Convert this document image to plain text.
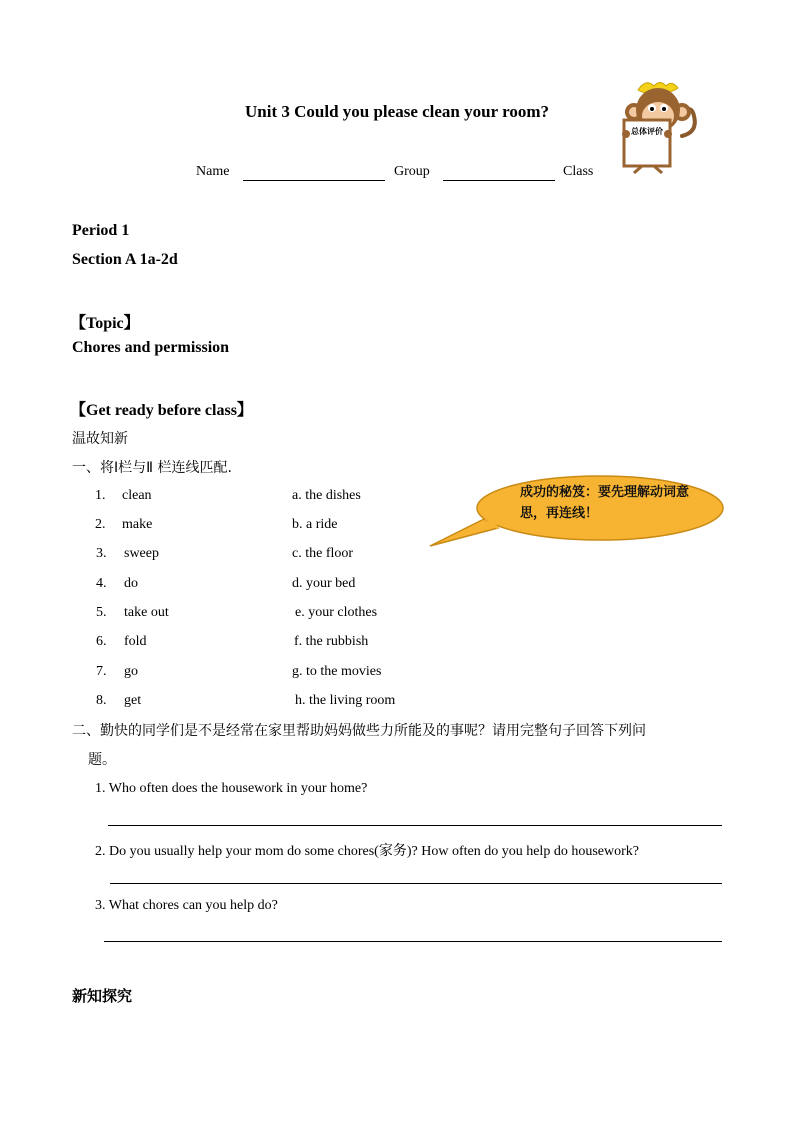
Unit 3 Could you please clean your room?
Name	Group	Class
总体评价
Period 1
Section A 1a-2d
【Topic】
Chores and permission
【Get ready before class】
温故知新
一、将Ⅰ栏与Ⅱ 栏连线匹配.
成功的秘笈：要先理解动词意思，再连线！
1. clean	a. the dishes
2. make	b. a ride
3. sweep	c. the floor
4. do	d. your bed
5. take out	e. your clothes
6. fold	f. the rubbish
7. go	g. to the movies
8. get	h. the living room
二、勤快的同学们是不是经常在家里帮助妈妈做些力所能及的事呢？请用完整句子回答下列问
题。
1. Who often does the housework in your home?
2. Do you usually help your mom do some chores(家务)? How often do you help do housework?
3. What chores can you help do?
新知探究
